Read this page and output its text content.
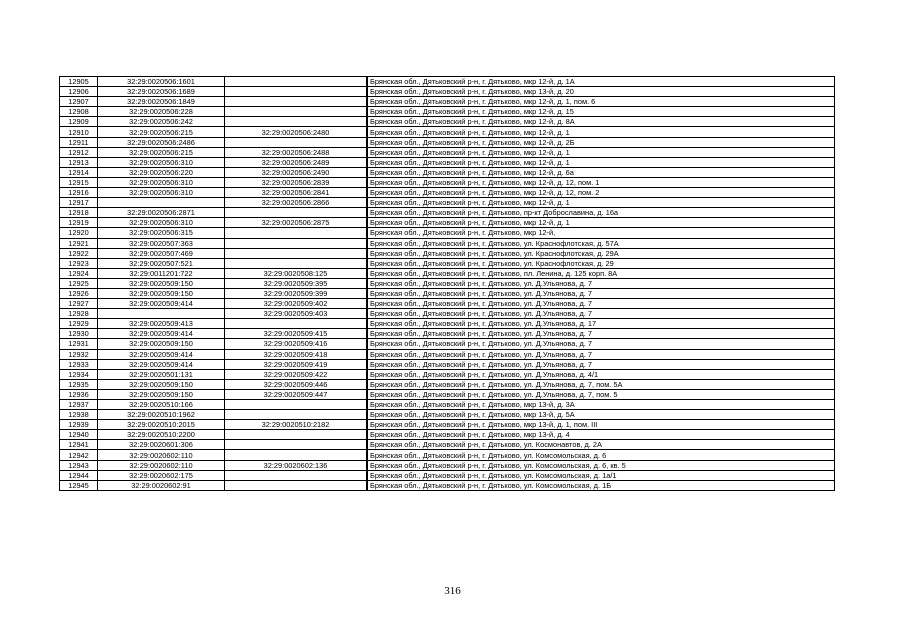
12905	32:29:0020506:1601			Брянская обл., Дятьковский р-н, г. Дятьково, мкр 12-й, д. 1А
12906	32:29:0020506:1689			Брянская обл., Дятьковский р-н, г. Дятьково, мкр 13-й, д. 20
12907	32:29:0020506:1849			Брянская обл., Дятьковский р-н, г. Дятьково, мкр 12-й, д. 1, пом. 6
12908	32:29:0020506:228			Брянская обл., Дятьковский р-н, г. Дятьково, мкр 12-й, д. 15
12909	32:29:0020506:242			Брянская обл., Дятьковский р-н, г. Дятьково, мкр 12-й, д. 8А
12910	32:29:0020506:215	32:29:0020506:2480		Брянская обл., Дятьковский р-н, г. Дятьково, мкр 12-й, д. 1
12911	32:29:0020506:2486			Брянская обл., Дятьковский р-н, г. Дятьково, мкр 12-й, д. 2Б
12912	32:29:0020506:215	32:29:0020506:2488		Брянская обл., Дятьковский р-н, г. Дятьково, мкр 12-й, д. 1
12913	32:29:0020506:310	32:29:0020506:2489		Брянская обл., Дятьковский р-н, г. Дятьково, мкр 12-й, д. 1
12914	32:29:0020506:220	32:29:0020506:2490		Брянская обл., Дятьковский р-н, г. Дятьково, мкр 12-й, д. 6а
12915	32:29:0020506:310	32:29:0020506:2839		Брянская обл., Дятьковский р-н, г. Дятьково, мкр 12-й, д. 12, пом. 1
12916	32:29:0020506:310	32:29:0020506:2841		Брянская обл., Дятьковский р-н, г. Дятьково, мкр 12-й, д. 12, пом. 2
12917		32:29:0020506:2866		Брянская обл., Дятьковский р-н, г. Дятьково, мкр 12-й, д. 1
12918	32:29:0020506:2871			Брянская обл., Дятьковский р-н, г. Дятьково, пр-кт Доброславина, д. 16а
12919	32:29:0020506:310	32:29:0020506:2875		Брянская обл., Дятьковский р-н, г. Дятьково, мкр 12-й, д. 1
12920	32:29:0020506:315			Брянская обл., Дятьковский р-н, г. Дятьково, мкр 12-й,
12921	32:29:0020507:363			Брянская обл., Дятьковский р-н, г. Дятьково, ул. Краснофлотская, д. 57А
12922	32:29:0020507:469			Брянская обл., Дятьковский р-н, г. Дятьково, ул. Краснофлотская, д. 29А
12923	32:29:0020507:521			Брянская обл., Дятьковский р-н, г. Дятьково, ул. Краснофлотская, д. 29
12924	32:29:0011201:722	32:29:0020508:125		Брянская обл., Дятьковский р-н, г. Дятьково, пл. Ленина, д. 125 корп. 8А
12925	32:29:0020509:150	32:29:0020509:395		Брянская обл., Дятьковский р-н, г. Дятьково, ул. Д.Ульянова, д. 7
12926	32:29:0020509:150	32:29:0020509:399		Брянская обл., Дятьковский р-н, г. Дятьково, ул. Д.Ульянова, д. 7
12927	32:29:0020509:414	32:29:0020509:402		Брянская обл., Дятьковский р-н, г. Дятьково, ул. Д.Ульянова, д. 7
12928		32:29:0020509:403		Брянская обл., Дятьковский р-н, г. Дятьково, ул. Д.Ульянова, д. 7
12929	32:29:0020509:413			Брянская обл., Дятьковский р-н, г. Дятьково, ул. Д.Ульянова, д. 17
12930	32:29:0020509:414	32:29:0020509:415		Брянская обл., Дятьковский р-н, г. Дятьково, ул. Д.Ульянова, д. 7
12931	32:29:0020509:150	32:29:0020509:416		Брянская обл., Дятьковский р-н, г. Дятьково, ул. Д.Ульянова, д. 7
12932	32:29:0020509:414	32:29:0020509:418		Брянская обл., Дятьковский р-н, г. Дятьково, ул. Д.Ульянова, д. 7
12933	32:29:0020509:414	32:29:0020509:419		Брянская обл., Дятьковский р-н, г. Дятьково, ул. Д.Ульянова, д. 7
12934	32:29:0020501:131	32:29:0020509:422		Брянская обл., Дятьковский р-н, г. Дятьково, ул. Д.Ульянова, д. 4/1
12935	32:29:0020509:150	32:29:0020509:446		Брянская обл., Дятьковский р-н, г. Дятьково, ул. Д.Ульянова, д. 7, пом. 5А
12936	32:29:0020509:150	32:29:0020509:447		Брянская обл., Дятьковский р-н, г. Дятьково, ул. Д.Ульянова, д. 7, пом. 5
12937	32:29:0020510:166			Брянская обл., Дятьковский р-н, г. Дятьково, мкр 13-й, д. 3А
12938	32:29:0020510:1962			Брянская обл., Дятьковский р-н, г. Дятьково, мкр 13-й, д. 5А
12939	32:29:0020510:2015	32:29:0020510:2182		Брянская обл., Дятьковский р-н, г. Дятьково, мкр 13-й, д. 1, пом. III
12940	32:29:0020510:2200			Брянская обл., Дятьковский р-н, г. Дятьково, мкр 13-й, д. 4
12941	32:29:0020601:306			Брянская обл., Дятьковский р-н, г. Дятьково, ул. Космонавтов, д. 2А
12942	32:29:0020602:110			Брянская обл., Дятьковский р-н, г. Дятьково, ул. Комсомольская, д. 6
12943	32:29:0020602:110	32:29:0020602:136		Брянская обл., Дятьковский р-н, г. Дятьково, ул. Комсомольская, д. 6, кв. 5
12944	32:29:0020602:175			Брянская обл., Дятьковский р-н, г. Дятьково, ул. Комсомольская, д. 1а/1
12945	32:29:0020602:91			Брянская обл., Дятьковский р-н, г. Дятьково, ул. Комсомольская, д. 1Б
316
